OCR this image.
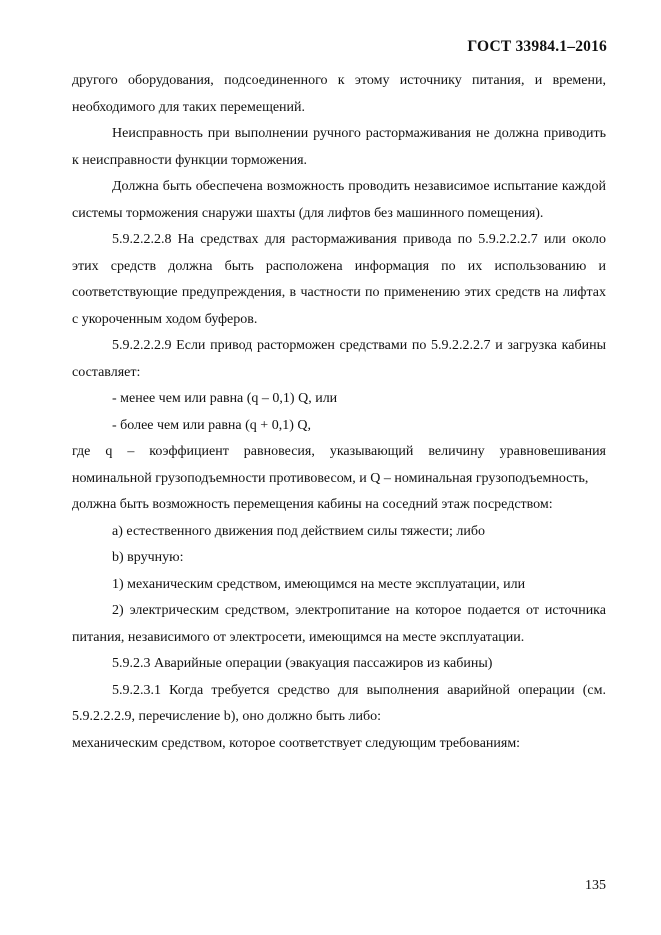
ГОСТ 33984.1–2016

другого оборудования, подсоединенного к этому источнику питания, и времени, необходимого для таких перемещений.

Неисправность при выполнении ручного растормаживания не должна приводить к неисправности функции торможения.

Должна быть обеспечена возможность проводить независимое испытание каждой системы торможения снаружи шахты (для лифтов без машинного помещения).

5.9.2.2.2.8 На средствах для растормаживания привода по 5.9.2.2.2.7 или около этих средств должна быть расположена информация по их использованию и соответствующие предупреждения, в частности по применению этих средств на лифтах с укороченным ходом буферов.

5.9.2.2.2.9 Если привод расторможен средствами по 5.9.2.2.2.7 и загрузка кабины составляет:

- менее чем или равна (q – 0,1) Q, или

- более чем или равна (q + 0,1) Q,

где q – коэффициент равновесия, указывающий величину уравновешивания номинальной грузоподъемности противовесом, и Q – номинальная грузоподъемность,

должна быть возможность перемещения кабины на соседний этаж посредством:

а) естественного движения под действием силы тяжести; либо

b) вручную:

1) механическим средством, имеющимся на месте эксплуатации, или

2) электрическим средством, электропитание на которое подается от источника питания, независимого от электросети, имеющимся на месте эксплуатации.

5.9.2.3 Аварийные операции (эвакуация пассажиров из кабины)

5.9.2.3.1 Когда требуется средство для выполнения аварийной операции (см. 5.9.2.2.2.9, перечисление b), оно должно быть либо:

механическим средством, которое соответствует следующим требованиям:

135
